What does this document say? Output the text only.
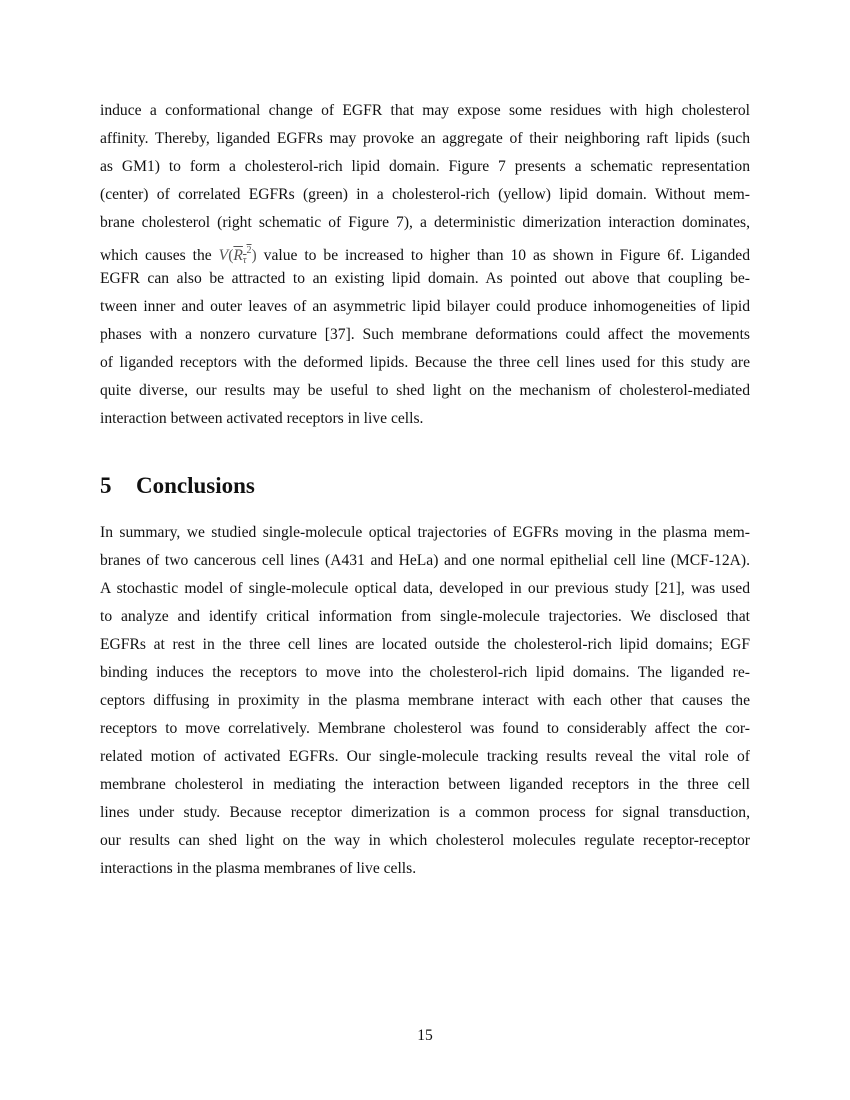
induce a conformational change of EGFR that may expose some residues with high cholesterol
affinity. Thereby, liganded EGFRs may provoke an aggregate of their neighboring raft lipids (such
as GM1) to form a cholesterol-rich lipid domain. Figure 7 presents a schematic representation
(center) of correlated EGFRs (green) in a cholesterol-rich (yellow) lipid domain. Without mem-
brane cholesterol (right schematic of Figure 7), a deterministic dimerization interaction dominates,
which causes the $V(R_\tau^2)$ value to be increased to higher than 10 as shown in Figure 6f. Liganded
EGFR can also be attracted to an existing lipid domain. As pointed out above that coupling be-
tween inner and outer leaves of an asymmetric lipid bilayer could produce inhomogeneities of lipid
phases with a nonzero curvature [37]. Such membrane deformations could affect the movements
of liganded receptors with the deformed lipids. Because the three cell lines used for this study are
quite diverse, our results may be useful to shed light on the mechanism of cholesterol-mediated
interaction between activated receptors in live cells.
5 Conclusions
In summary, we studied single-molecule optical trajectories of EGFRs moving in the plasma mem-
branes of two cancerous cell lines (A431 and HeLa) and one normal epithelial cell line (MCF-12A).
A stochastic model of single-molecule optical data, developed in our previous study [21], was used
to analyze and identify critical information from single-molecule trajectories. We disclosed that
EGFRs at rest in the three cell lines are located outside the cholesterol-rich lipid domains; EGF
binding induces the receptors to move into the cholesterol-rich lipid domains. The liganded re-
ceptors diffusing in proximity in the plasma membrane interact with each other that causes the
receptors to move correlatively. Membrane cholesterol was found to considerably affect the cor-
related motion of activated EGFRs. Our single-molecule tracking results reveal the vital role of
membrane cholesterol in mediating the interaction between liganded receptors in the three cell
lines under study. Because receptor dimerization is a common process for signal transduction,
our results can shed light on the way in which cholesterol molecules regulate receptor-receptor
interactions in the plasma membranes of live cells.
15
